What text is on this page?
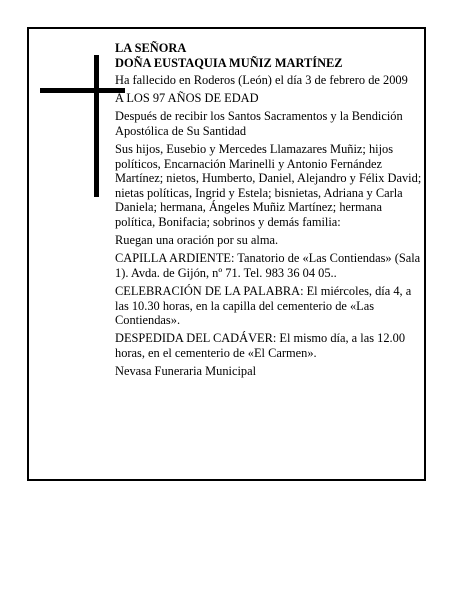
LA SEÑORA

DOÑA EUSTAQUIA MUÑIZ MARTÍNEZ

Ha fallecido en Roderos (León) el día 3 de febrero de 2009

A LOS 97 AÑOS DE EDAD

Después de recibir los Santos Sacramentos y la Bendición Apostólica de Su Santidad

Sus hijos, Eusebio y Mercedes Llamazares Muñiz; hijos políticos, Encarnación Marinelli y Antonio Fernández Martínez; nietos, Humberto, Daniel, Alejandro y Félix David; nietas políticas, Ingrid y Estela; bisnietas, Adriana y Carla Daniela; hermana, Ángeles Muñiz Martínez; hermana política, Bonifacia; sobrinos y demás familia:

Ruegan una oración por su alma.

CAPILLA ARDIENTE: Tanatorio de «Las Contiendas» (Sala 1). Avda. de Gijón, nº 71. Tel. 983 36 04 05..

CELEBRACIÓN DE LA PALABRA: El miércoles, día 4, a las 10.30 horas, en la capilla del cementerio de «Las Contiendas».

DESPEDIDA DEL CADÁVER: El mismo día, a las 12.00 horas, en el cementerio de «El Carmen».

Nevasa Funeraria Municipal
